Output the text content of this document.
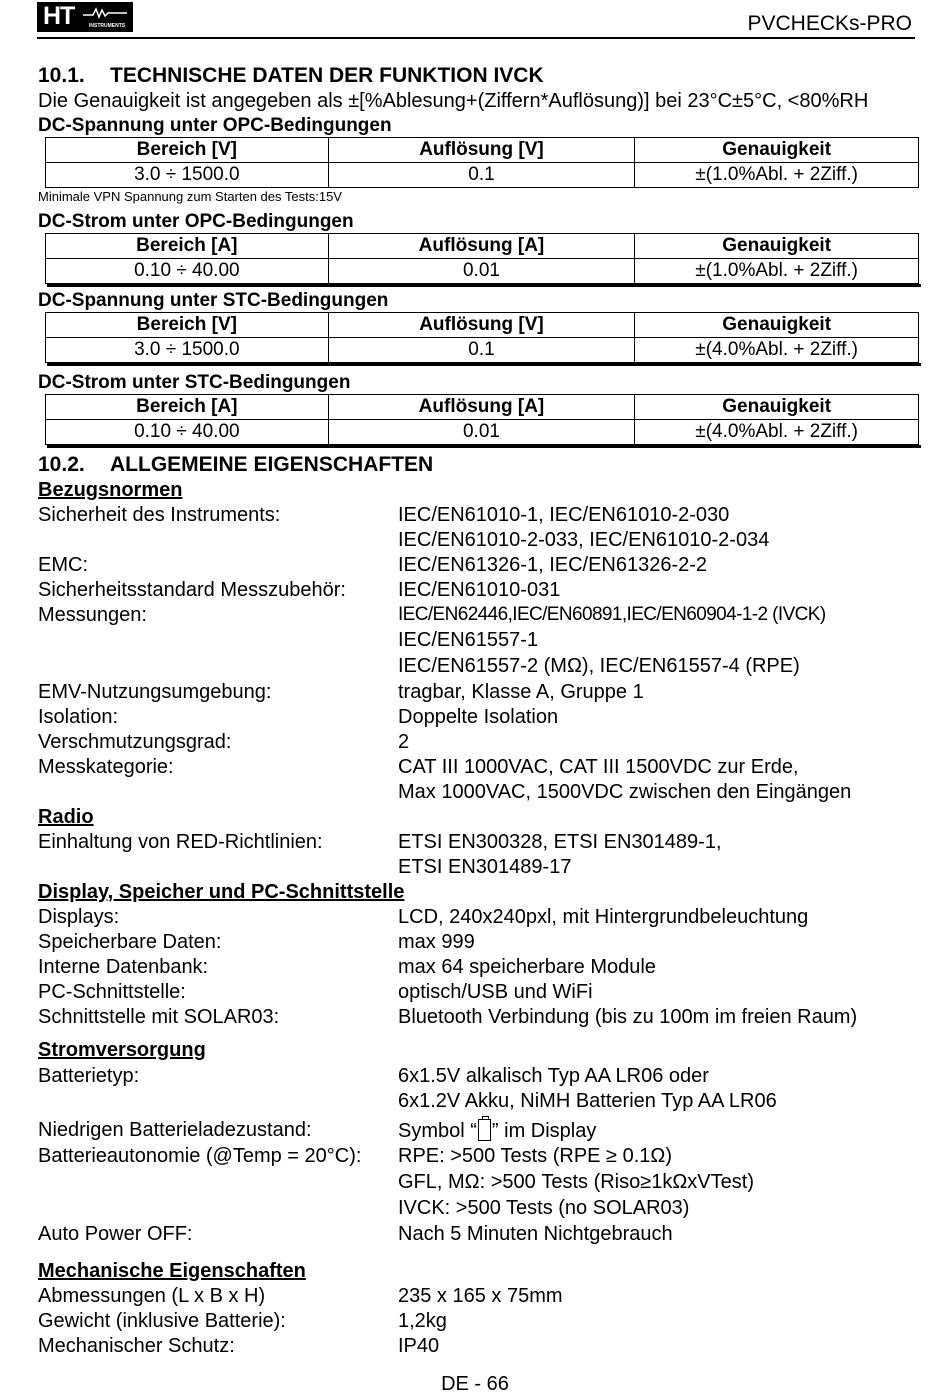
HT	INSTRUMENTS	PVCHECKs-PRO
10.1. TECHNISCHE DATEN DER FUNKTION IVCK
Die Genauigkeit ist angegeben als ±[%Ablesung+(Ziffern*Auflösung)] bei 23°C±5°C, <80%RH
DC-Spannung unter OPC-Bedingungen
Bereich [V]	Auflösung [V]	Genauigkeit
3.0 ÷ 1500.0	0.1	±(1.0%Abl. + 2Ziff.)
Minimale VPN Spannung zum Starten des Tests:15V
DC-Strom unter OPC-Bedingungen
Bereich [A]	Auflösung [A]	Genauigkeit
0.10 ÷ 40.00	0.01	±(1.0%Abl. + 2Ziff.)
DC-Spannung unter STC-Bedingungen
Bereich [V]	Auflösung [V]	Genauigkeit
3.0 ÷ 1500.0	0.1	±(4.0%Abl. + 2Ziff.)
DC-Strom unter STC-Bedingungen
Bereich [A]	Auflösung [A]	Genauigkeit
0.10 ÷ 40.00	0.01	±(4.0%Abl. + 2Ziff.)
10.2. ALLGEMEINE EIGENSCHAFTEN
Bezugsnormen
Sicherheit des Instruments:	IEC/EN61010-1, IEC/EN61010-2-030
IEC/EN61010-2-033, IEC/EN61010-2-034
EMC:	IEC/EN61326-1, IEC/EN61326-2-2
Sicherheitsstandard Messzubehör:	IEC/EN61010-031
Messungen:	IEC/EN62446,IEC/EN60891,IEC/EN60904-1-2 (IVCK)
IEC/EN61557-1
IEC/EN61557-2 (MΩ), IEC/EN61557-4 (RPE)
EMV-Nutzungsumgebung:	tragbar, Klasse A, Gruppe 1
Isolation:	Doppelte Isolation
Verschmutzungsgrad:	2
Messkategorie:	CAT III 1000VAC, CAT III 1500VDC zur Erde,
Max 1000VAC, 1500VDC zwischen den Eingängen
Radio
Einhaltung von RED-Richtlinien:	ETSI EN300328, ETSI EN301489-1,
ETSI EN301489-17
Display, Speicher und PC-Schnittstelle
Displays:	LCD, 240x240pxl, mit Hintergrundbeleuchtung
Speicherbare Daten:	max 999
Interne Datenbank:	max 64 speicherbare Module
PC-Schnittstelle:	optisch/USB und WiFi
Schnittstelle mit SOLAR03:	Bluetooth Verbindung (bis zu 100m im freien Raum)
Stromversorgung
Batterietyp:	6x1.5V alkalisch Typ AA LR06 oder
6x1.2V Akku, NiMH Batterien Typ AA LR06
Niedrigen Batterieladezustand:	Symbol “ ” im Display
Batterieautonomie (@Temp = 20°C): RPE: >500 Tests (RPE ≥ 0.1Ω)
GFL, MΩ: >500 Tests (Riso≥1kΩxVTest)
IVCK: >500 Tests (no SOLAR03)
Auto Power OFF:	Nach 5 Minuten Nichtgebrauch
Mechanische Eigenschaften
Abmessungen (L x B x H)	235 x 165 x 75mm
Gewicht (inklusive Batterie):	1,2kg
Mechanischer Schutz:	IP40
DE - 66
